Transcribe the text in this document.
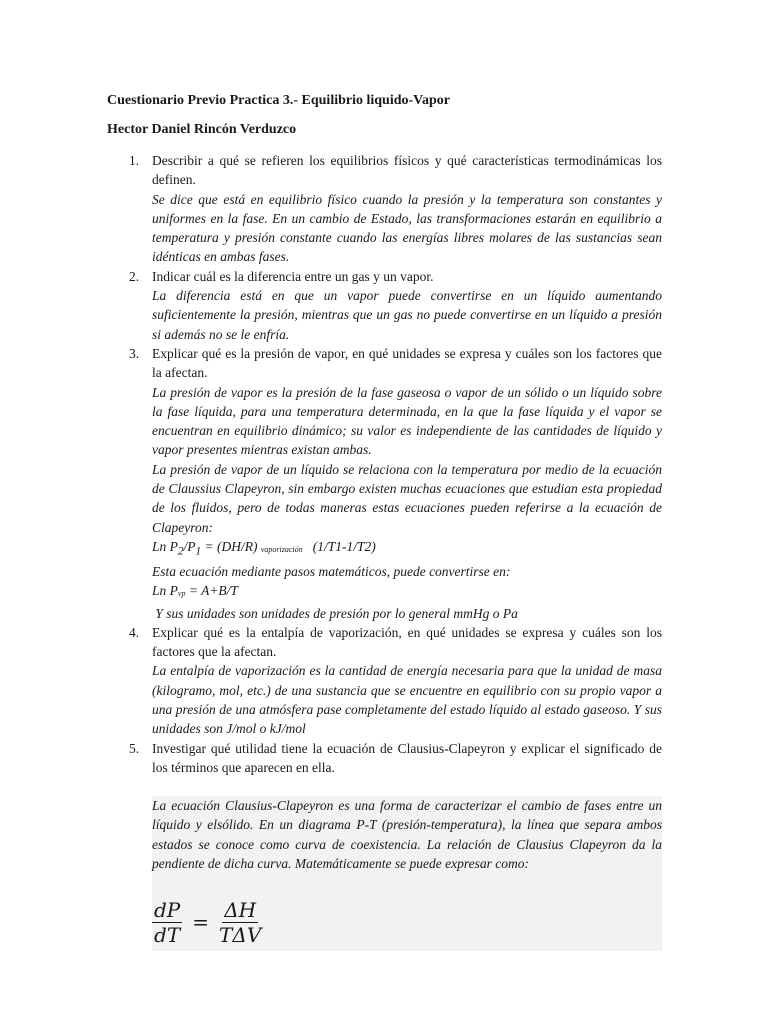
Cuestionario Previo Practica 3.- Equilibrio liquido-Vapor
Hector Daniel Rincón Verduzco
1. Describir a qué se refieren los equilibrios físicos y qué características termodinámicas los definen.
Se dice que está en equilibrio físico cuando la presión y la temperatura son constantes y uniformes en la fase. En un cambio de Estado, las transformaciones estarán en equilibrio a temperatura y presión constante cuando las energías libres molares de las sustancias sean idénticas en ambas fases.
2. Indicar cuál es la diferencia entre un gas y un vapor.
La diferencia está en que un vapor puede convertirse en un líquido aumentando suficientemente la presión, mientras que un gas no puede convertirse en un líquido a presión si además no se le enfría.
3. Explicar qué es la presión de vapor, en qué unidades se expresa y cuáles son los factores que la afectan.
La presión de vapor es la presión de la fase gaseosa o vapor de un sólido o un líquido sobre la fase líquida, para una temperatura determinada, en la que la fase líquida y el vapor se encuentran en equilibrio dinámico; su valor es independiente de las cantidades de líquido y vapor presentes mientras existan ambas.
La presión de vapor de un líquido se relaciona con la temperatura por medio de la ecuación de Claussius Clapeyron, sin embargo existen muchas ecuaciones que estudian esta propiedad de los fluidos, pero de todas maneras estas ecuaciones pueden referirse a la ecuación de Clapeyron:
Ln $P_2/P_1 = (DH/R)$ $_{vaporización}$   (1/T1-1/T2)
Esta ecuación mediante pasos matemáticos, puede convertirse en:
Ln $P_{vp} = A+B/T$
Y sus unidades son unidades de presión por lo general mmHg o Pa
4. Explicar qué es la entalpía de vaporización, en qué unidades se expresa y cuáles son los factores que la afectan.
La entalpía de vaporización es la cantidad de energía necesaria para que la unidad de masa (kilogramo, mol, etc.) de una sustancia que se encuentre en equilibrio con su propio vapor a una presión de una atmósfera pase completamente del estado líquido al estado gaseoso. Y sus unidades son J/mol o kJ/mol
5. Investigar qué utilidad tiene la ecuación de Clausius-Clapeyron y explicar el significado de los términos que aparecen en ella.
La ecuación Clausius-Clapeyron es una forma de caracterizar el cambio de fases entre un líquido y elsólido. En un diagrama P-T (presión-temperatura), la línea que separa ambos estados se conoce como curva de coexistencia. La relación de Clausius Clapeyron da la pendiente de dicha curva. Matemáticamente se puede expresar como:
$\frac{dP}{dT} = \frac{\Delta H}{\text{TΔV}}$
